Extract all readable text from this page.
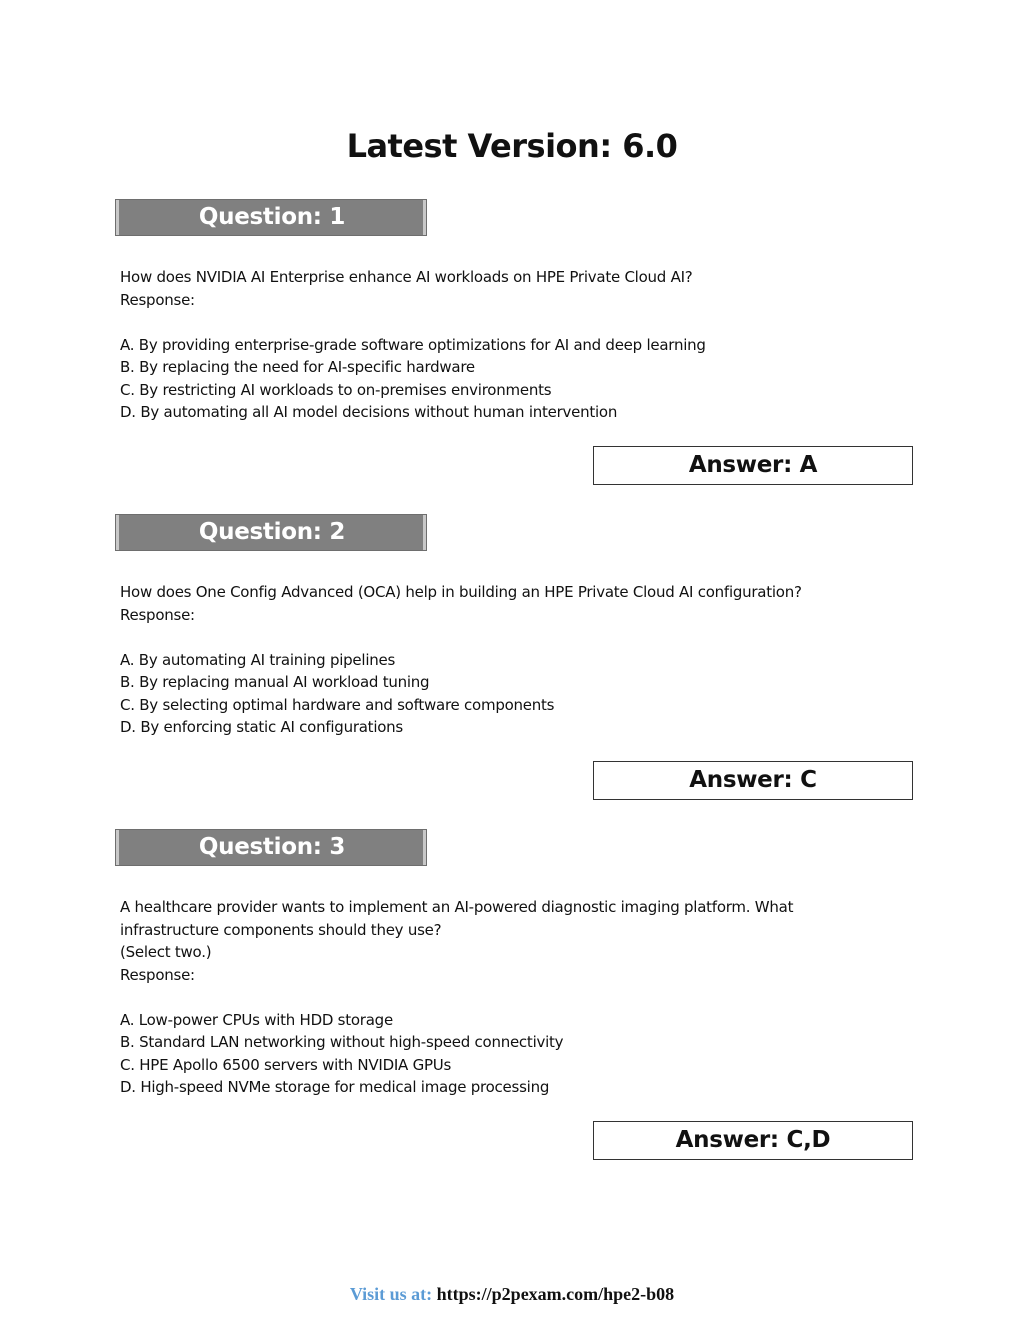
Latest Version: 6.0
Question: 1
How does NVIDIA AI Enterprise enhance AI workloads on HPE Private Cloud AI?
Response:
A. By providing enterprise-grade software optimizations for AI and deep learning
B. By replacing the need for AI-specific hardware
C. By restricting AI workloads to on-premises environments
D. By automating all AI model decisions without human intervention
Answer: A
Question: 2
How does One Config Advanced (OCA) help in building an HPE Private Cloud AI configuration?
Response:
A. By automating AI training pipelines
B. By replacing manual AI workload tuning
C. By selecting optimal hardware and software components
D. By enforcing static AI configurations
Answer: C
Question: 3
A healthcare provider wants to implement an AI-powered diagnostic imaging platform. What
infrastructure components should they use?
(Select two.)
Response:
A. Low-power CPUs with HDD storage
B. Standard LAN networking without high-speed connectivity
C. HPE Apollo 6500 servers with NVIDIA GPUs
D. High-speed NVMe storage for medical image processing
Answer: C,D
Visit us at: https://p2pexam.com/hpe2-b08
